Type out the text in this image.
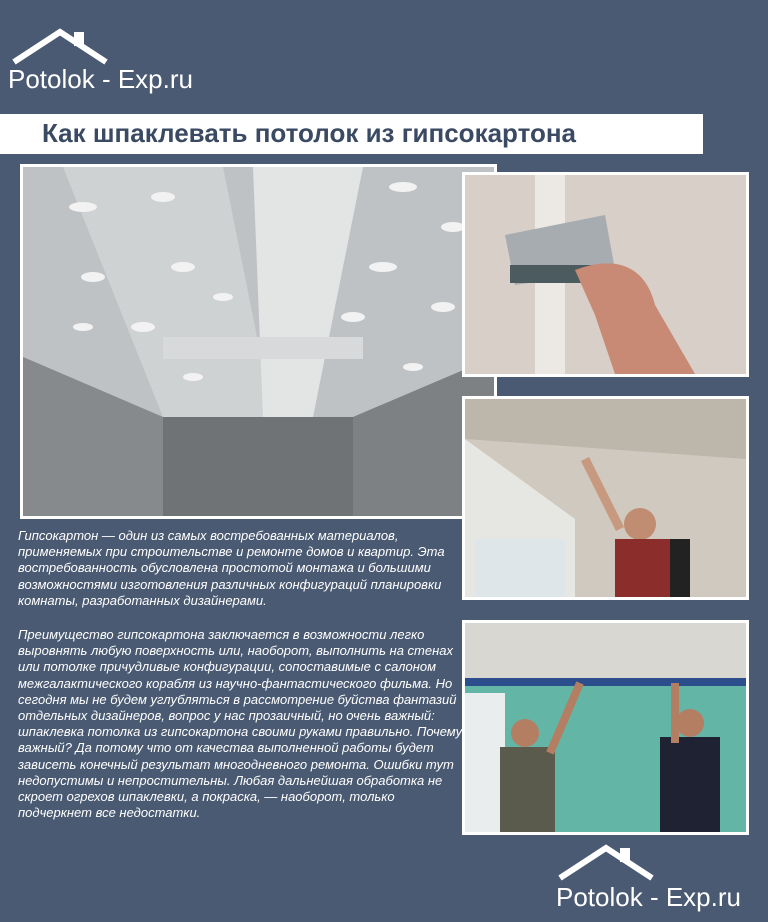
Potolok - Exp.ru
Как шпаклевать потолок из гипсокартона

Гипсокартон — один из самых востребованных материалов, применяемых при строительстве и ремонте домов и квартир. Эта востребованность обусловлена простотой монтажа и большими возможностями изготовления различных конфигураций планировки комнаты, разработанных дизайнерами.

Преимущество гипсокартона заключается в возможности легко выровнять любую поверхность или, наоборот, выполнить на стенах или потолке причудливые конфигурации, сопоставимые с салоном межгалактического корабля из научно-фантастического фильма. Но сегодня мы не будем углубляться в рассмотрение буйства фантазий отдельных дизайнеров, вопрос у нас прозаичный, но очень важный: шпаклевка потолка из гипсокартона своими руками правильно. Почему важный? Да потому что от качества выполненной работы будет зависеть конечный результат многодневного ремонта. Ошибки тут недопустимы и непростительны. Любая дальнейшая обработка не скроет огрехов шпаклевки, а покраска, — наоборот, только подчеркнет все недостатки.

Potolok - Exp.ru
